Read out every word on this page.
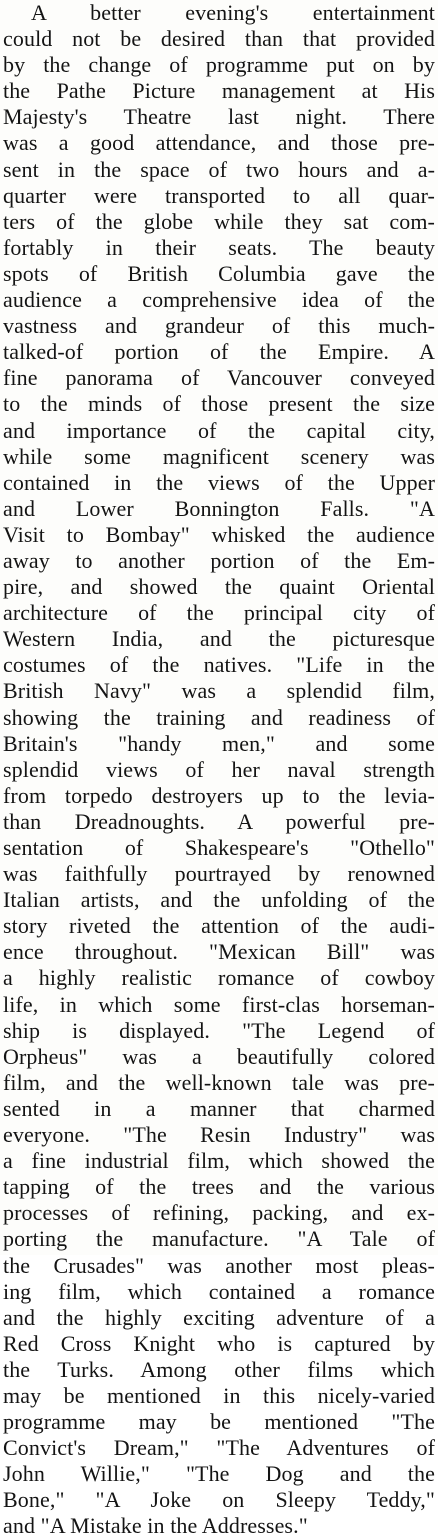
A better evening's entertainment
could not be desired than that provided
by the change of programme put on by
the Pathe Picture management at His
Majesty's Theatre last night. There
was a good attendance, and those pre-
sent in the space of two hours and a-
quarter were transported to all quar-
ters of the globe while they sat com-
fortably in their seats. The beauty
spots of British Columbia gave the
audience a comprehensive idea of the
vastness and grandeur of this much-
talked-of portion of the Empire. A
fine panorama of Vancouver conveyed
to the minds of those present the size
and importance of the capital city,
while some magnificent scenery was
contained in the views of the Upper
and Lower Bonnington Falls. "A
Visit to Bombay" whisked the audience
away to another portion of the Em-
pire, and showed the quaint Oriental
architecture of the principal city of
Western India, and the picturesque
costumes of the natives. "Life in the
British Navy" was a splendid film,
showing the training and readiness of
Britain's "handy men," and some
splendid views of her naval strength
from torpedo destroyers up to the levia-
than Dreadnoughts. A powerful pre-
sentation of Shakespeare's "Othello"
was faithfully pourtrayed by renowned
Italian artists, and the unfolding of the
story riveted the attention of the audi-
ence throughout. "Mexican Bill" was
a highly realistic romance of cowboy
life, in which some first-clas horseman-
ship is displayed. "The Legend of
Orpheus" was a beautifully colored
film, and the well-known tale was pre-
sented in a manner that charmed
everyone. "The Resin Industry" was
a fine industrial film, which showed the
tapping of the trees and the various
processes of refining, packing, and ex-
porting the manufacture. "A Tale of
the Crusades" was another most pleas-
ing film, which contained a romance
and the highly exciting adventure of a
Red Cross Knight who is captured by
the Turks. Among other films which
may be mentioned in this nicely-varied
programme may be mentioned "The
Convict's Dream," "The Adventures of
John Willie," "The Dog and the
Bone," "A Joke on Sleepy Teddy,"
and "A Mistake in the Addresses."
